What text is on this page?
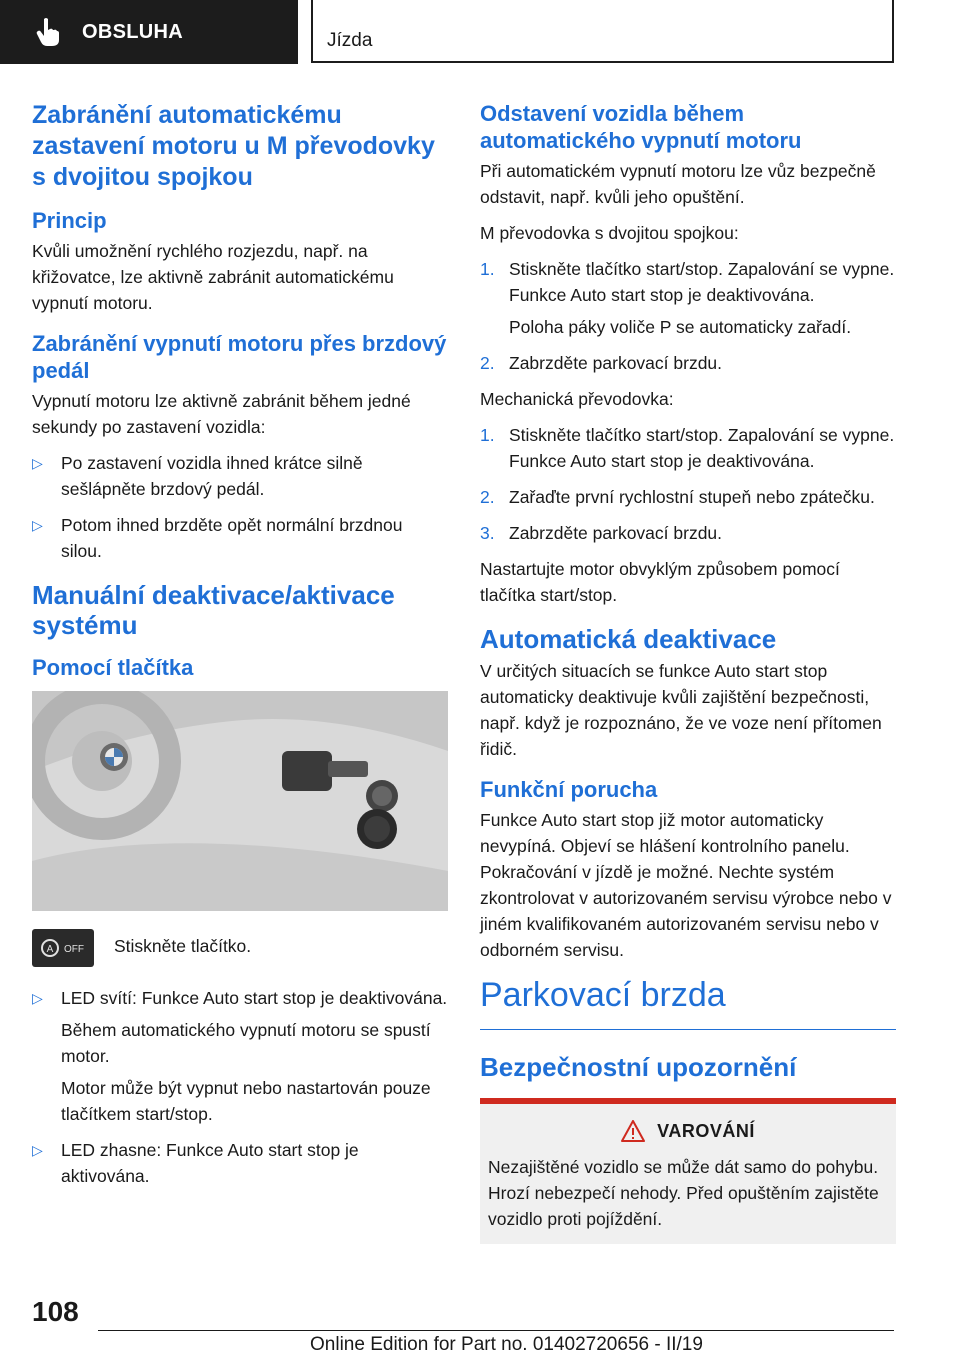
OBSLUHA	Jízda
Zabránění automatickému zastavení motoru u M převodovky s dvojitou spojkou
Princip
Kvůli umožnění rychlého rozjezdu, např. na křižovatce, lze aktivně zabránit automatickému vypnutí motoru.
Zabránění vypnutí motoru přes brzdový pedál
Vypnutí motoru lze aktivně zabránit během jedné sekundy po zastavení vozidla:
▷ Po zastavení vozidla ihned krátce silně sešlápněte brzdový pedál.
▷ Potom ihned brzděte opět normální brzdnou silou.
Manuální deaktivace/aktivace systému
Pomocí tlačítka
A OFF Stiskněte tlačítko.
▷ LED svítí: Funkce Auto start stop je deaktivována.
Během automatického vypnutí motoru se spustí motor.
Motor může být vypnut nebo nastartován pouze tlačítkem start/stop.
▷ LED zhasne: Funkce Auto start stop je aktivována.
Odstavení vozidla během automatického vypnutí motoru
Při automatickém vypnutí motoru lze vůz bezpečně odstavit, např. kvůli jeho opuštění.
M převodovka s dvojitou spojkou:
1. Stiskněte tlačítko start/stop. Zapalování se vypne. Funkce Auto start stop je deaktivována.
Poloha páky voliče P se automaticky zařadí.
2. Zabrzděte parkovací brzdu.
Mechanická převodovka:
1. Stiskněte tlačítko start/stop. Zapalování se vypne. Funkce Auto start stop je deaktivována.
2. Zařaďte první rychlostní stupeň nebo zpátečku.
3. Zabrzděte parkovací brzdu.
Nastartujte motor obvyklým způsobem pomocí tlačítka start/stop.
Automatická deaktivace
V určitých situacích se funkce Auto start stop automaticky deaktivuje kvůli zajištění bezpečnosti, např. když je rozpoznáno, že ve voze není přítomen řidič.
Funkční porucha
Funkce Auto start stop již motor automaticky nevypíná. Objeví se hlášení kontrolního panelu. Pokračování v jízdě je možné. Nechte systém zkontrolovat v autorizovaném servisu výrobce nebo v jiném kvalifikovaném autorizovaném servisu nebo v odborném servisu.
Parkovací brzda
Bezpečnostní upozornění
VAROVÁNÍ
Nezajištěné vozidlo se může dát samo do pohybu. Hrozí nebezpečí nehody. Před opuštěním zajistěte vozidlo proti pojíždění.
108
Online Edition for Part no. 01402720656 - II/19
